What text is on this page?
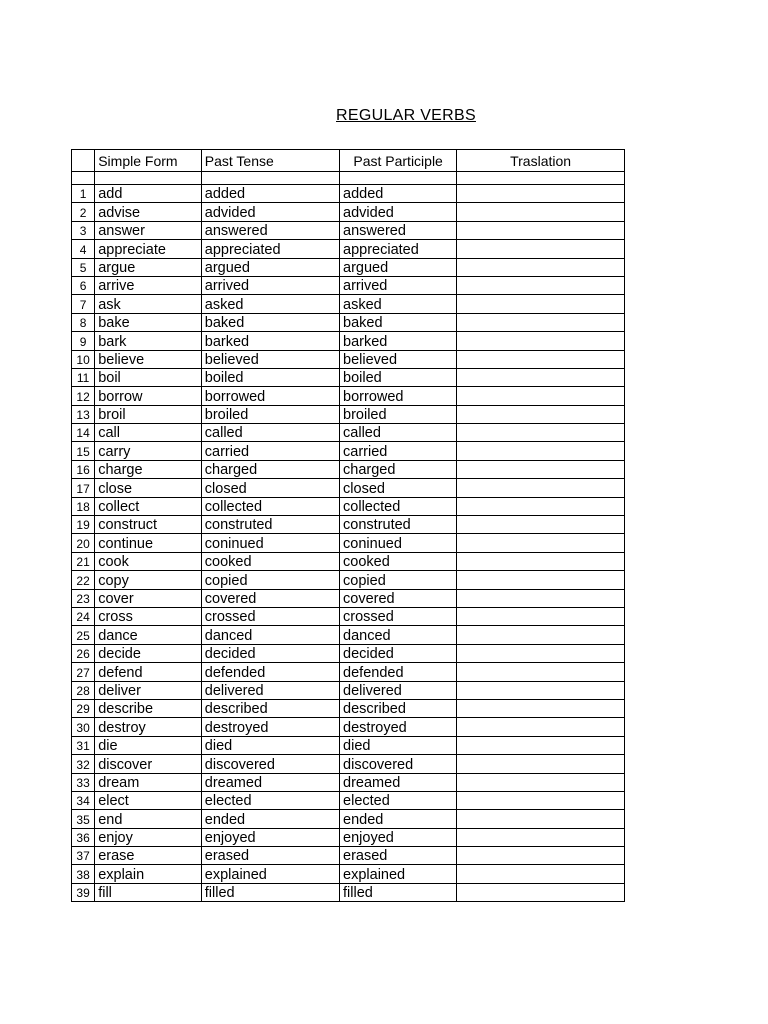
REGULAR VERBS
	Simple Form	Past Tense	Past Participle	Traslation

1	add	added	added	
2	advise	advided	advided	
3	answer	answered	answered	
4	appreciate	appreciated	appreciated	
5	argue	argued	argued	
6	arrive	arrived	arrived	
7	ask	asked	asked	
8	bake	baked	baked	
9	bark	barked	barked	
10	believe	believed	believed	
11	boil	boiled	boiled	
12	borrow	borrowed	borrowed	
13	broil	broiled	broiled	
14	call	called	called	
15	carry	carried	carried	
16	charge	charged	charged	
17	close	closed	closed	
18	collect	collected	collected	
19	construct	construted	construted	
20	continue	coninued	coninued	
21	cook	cooked	cooked	
22	copy	copied	copied	
23	cover	covered	covered	
24	cross	crossed	crossed	
25	dance	danced	danced	
26	decide	decided	decided	
27	defend	defended	defended	
28	deliver	delivered	delivered	
29	describe	described	described	
30	destroy	destroyed	destroyed	
31	die	died	died	
32	discover	discovered	discovered	
33	dream	dreamed	dreamed	
34	elect	elected	elected	
35	end	ended	ended	
36	enjoy	enjoyed	enjoyed	
37	erase	erased	erased	
38	explain	explained	explained	
39	fill	filled	filled	
